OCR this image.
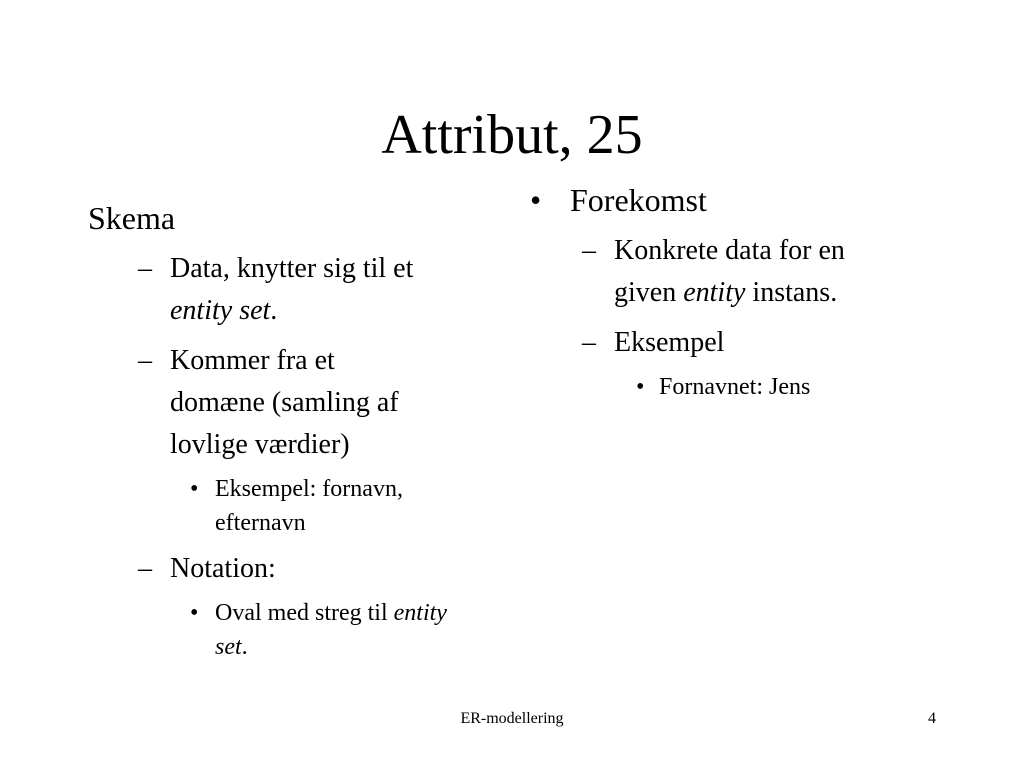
Attribut, 25
Skema
– Data, knytter sig til et
entity set.
– Kommer fra et
domæne (samling af
lovlige værdier)
• Eksempel: fornavn,
efternavn
– Notation:
• Oval med streg til entity
set.
• Forekomst
– Konkrete data for en
given entity instans.
– Eksempel
• Fornavnet: Jens
ER-modellering	4
